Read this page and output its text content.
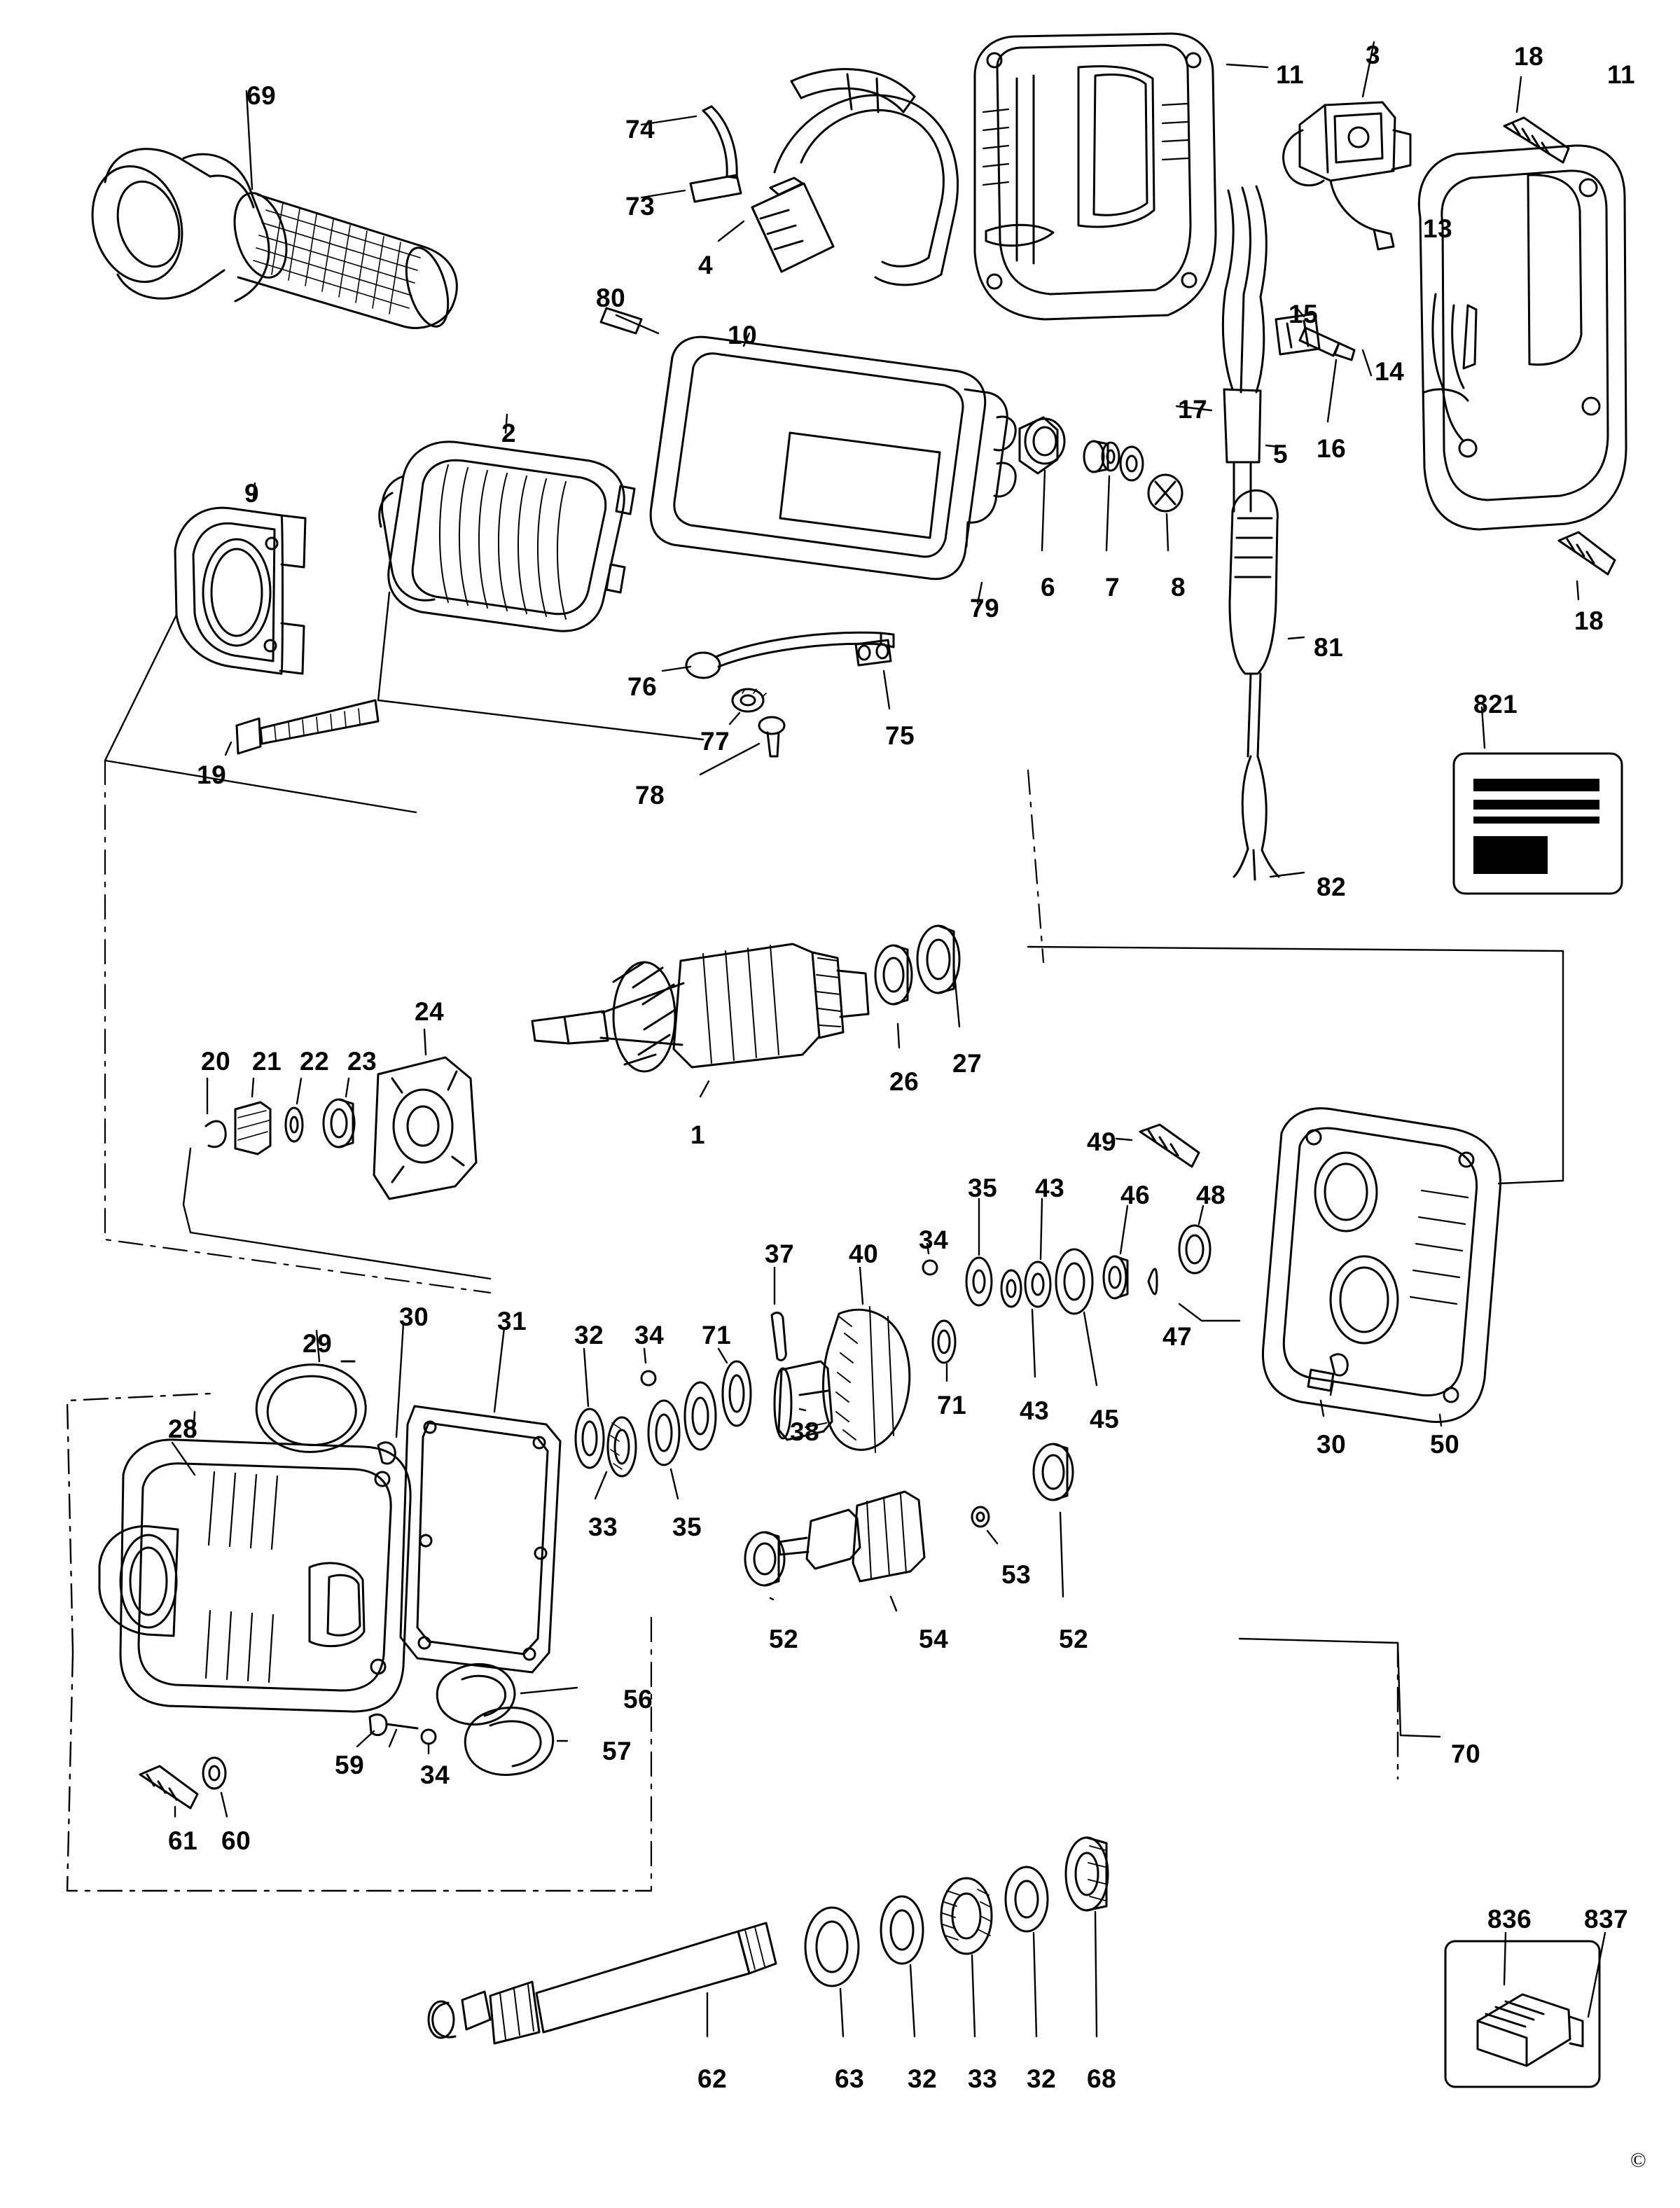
69
74
73
4
11
3	18
11
13
15
14
16
17
5
80
10
2
9
79
6 7 8
18
81
19
76
77
78
75
821
82
24
26
27
20 21 22 23
1	49
35 43 46 48
34
37 40
47
43 45
30	50
29
30	31 32 34 71
71
28
33 35
38
53
52	54	52
56
57
59 34
61 60
70
836 837
62	63 32 33 32 68
©
